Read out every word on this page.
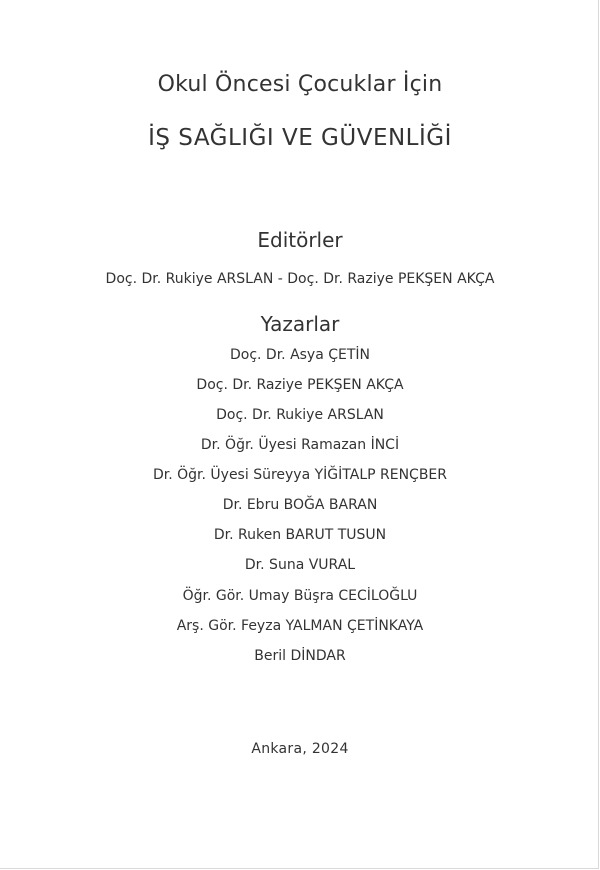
Okul Öncesi Çocuklar İçin
İŞ SAĞLIĞI VE GÜVENLİĞİ
Editörler
Doç. Dr. Rukiye ARSLAN - Doç. Dr. Raziye PEKŞEN AKÇA
Yazarlar
Doç. Dr. Asya ÇETİN
Doç. Dr. Raziye PEKŞEN AKÇA
Doç. Dr. Rukiye ARSLAN
Dr. Öğr. Üyesi Ramazan İNCİ
Dr. Öğr. Üyesi Süreyya YİĞİTALP RENÇBER
Dr. Ebru BOĞA BARAN
Dr. Ruken BARUT TUSUN
Dr. Suna VURAL
Öğr. Gör. Umay Büşra CECİLOĞLU
Arş. Gör. Feyza YALMAN ÇETİNKAYA
Beril DİNDAR
Ankara, 2024
